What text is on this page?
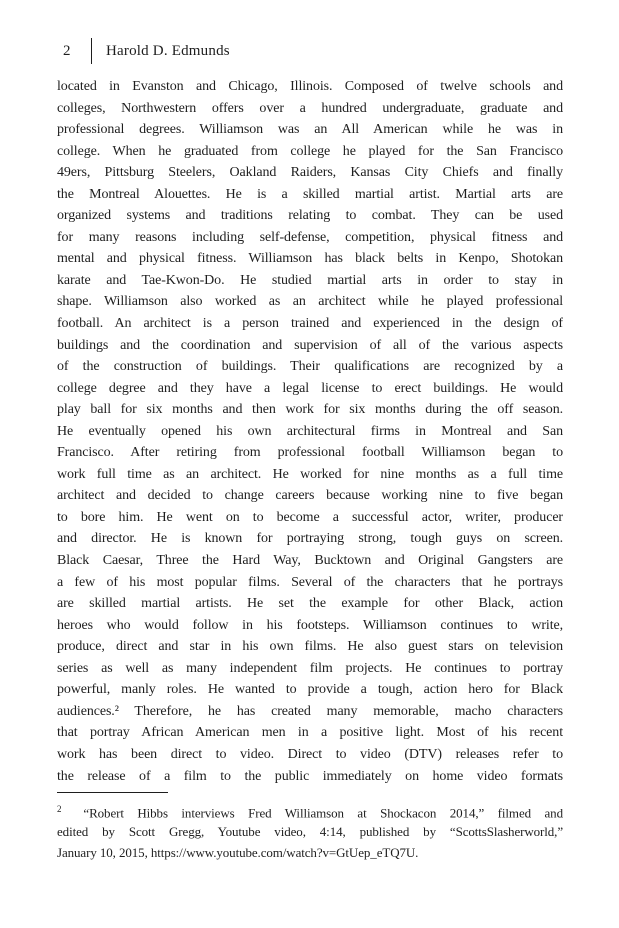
2	Harold D. Edmunds
located in Evanston and Chicago, Illinois. Composed of twelve schools and
colleges, Northwestern offers over a hundred undergraduate, graduate and
professional degrees. Williamson was an All American while he was in
college. When he graduated from college he played for the San Francisco
49ers, Pittsburg Steelers, Oakland Raiders, Kansas City Chiefs and finally
the Montreal Alouettes. He is a skilled martial artist. Martial arts are
organized systems and traditions relating to combat. They can be used
for many reasons including self-defense, competition, physical fitness and
mental and physical fitness. Williamson has black belts in Kenpo, Shotokan
karate and Tae-Kwon-Do. He studied martial arts in order to stay in
shape. Williamson also worked as an architect while he played professional
football. An architect is a person trained and experienced in the design of
buildings and the coordination and supervision of all of the various aspects
of the construction of buildings. Their qualifications are recognized by a
college degree and they have a legal license to erect buildings. He would
play ball for six months and then work for six months during the off season.
He eventually opened his own architectural firms in Montreal and San
Francisco. After retiring from professional football Williamson began to
work full time as an architect. He worked for nine months as a full time
architect and decided to change careers because working nine to five began
to bore him. He went on to become a successful actor, writer, producer
and director. He is known for portraying strong, tough guys on screen.
Black Caesar, Three the Hard Way, Bucktown and Original Gangsters are
a few of his most popular films. Several of the characters that he portrays
are skilled martial artists. He set the example for other Black, action
heroes who would follow in his footsteps. Williamson continues to write,
produce, direct and star in his own films. He also guest stars on television
series as well as many independent film projects. He continues to portray
powerful, manly roles. He wanted to provide a tough, action hero for Black
audiences.² Therefore, he has created many memorable, macho characters
that portray African American men in a positive light. Most of his recent
work has been direct to video. Direct to video (DTV) releases refer to
the release of a film to the public immediately on home video formats
$^2$ “Robert Hibbs interviews Fred Williamson at Shockacon 2014,” filmed and
edited by Scott Gregg, Youtube video, 4:14, published by “ScottsSlasherworld,”
January 10, 2015, https://www.youtube.com/watch?v=GtUep_eTQ7U.
